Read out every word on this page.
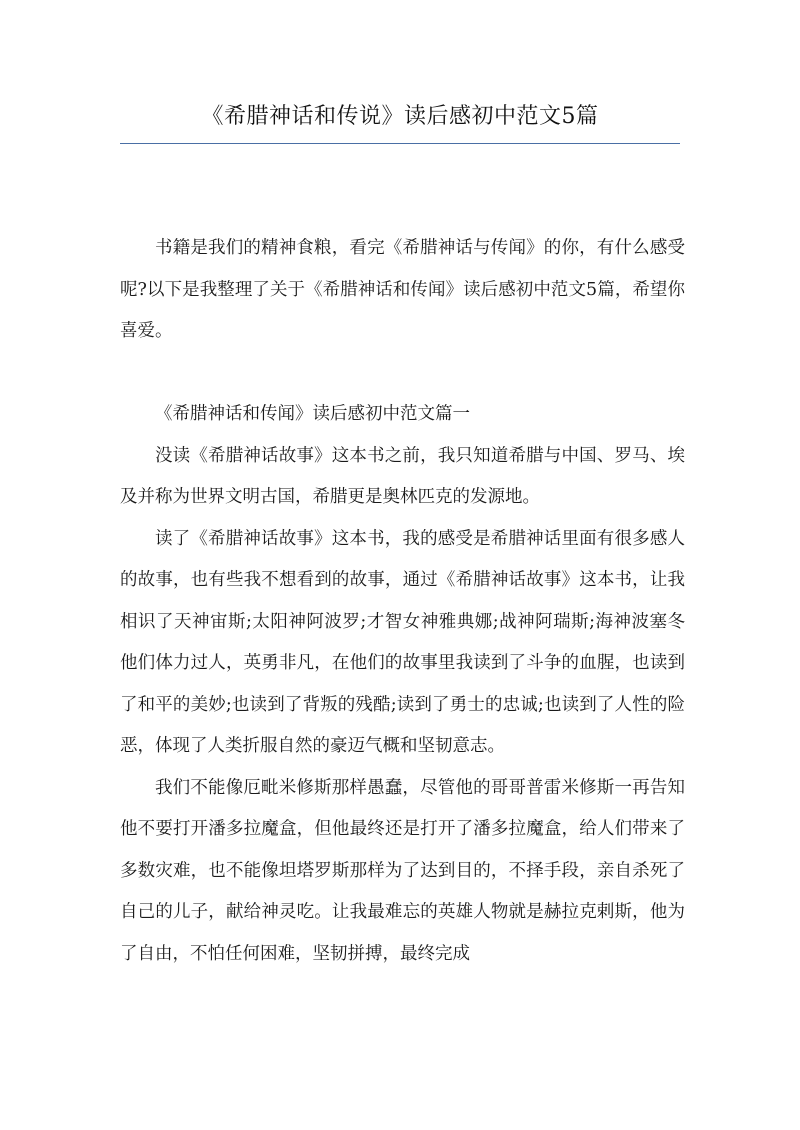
《希腊神话和传说》读后感初中范文5篇

书籍是我们的精神食粮，看完《希腊神话与传闻》的你，有什么感受呢?以下是我整理了关于《希腊神话和传闻》读后感初中范文5篇，希望你喜爱。

《希腊神话和传闻》读后感初中范文篇一

没读《希腊神话故事》这本书之前，我只知道希腊与中国、罗马、埃及并称为世界文明古国，希腊更是奥林匹克的发源地。

读了《希腊神话故事》这本书，我的感受是希腊神话里面有很多感人的故事，也有些我不想看到的故事，通过《希腊神话故事》这本书，让我相识了天神宙斯;太阳神阿波罗;才智女神雅典娜;战神阿瑞斯;海神波塞冬他们体力过人，英勇非凡，在他们的故事里我读到了斗争的血腥，也读到了和平的美妙;也读到了背叛的残酷;读到了勇士的忠诚;也读到了人性的险恶，体现了人类折服自然的豪迈气概和坚韧意志。

我们不能像厄毗米修斯那样愚蠢，尽管他的哥哥普雷米修斯一再告知他不要打开潘多拉魔盒，但他最终还是打开了潘多拉魔盒，给人们带来了多数灾难，也不能像坦塔罗斯那样为了达到目的，不择手段，亲自杀死了自己的儿子，献给神灵吃。让我最难忘的英雄人物就是赫拉克剌斯，他为了自由，不怕任何困难，坚韧拼搏，最终完成
